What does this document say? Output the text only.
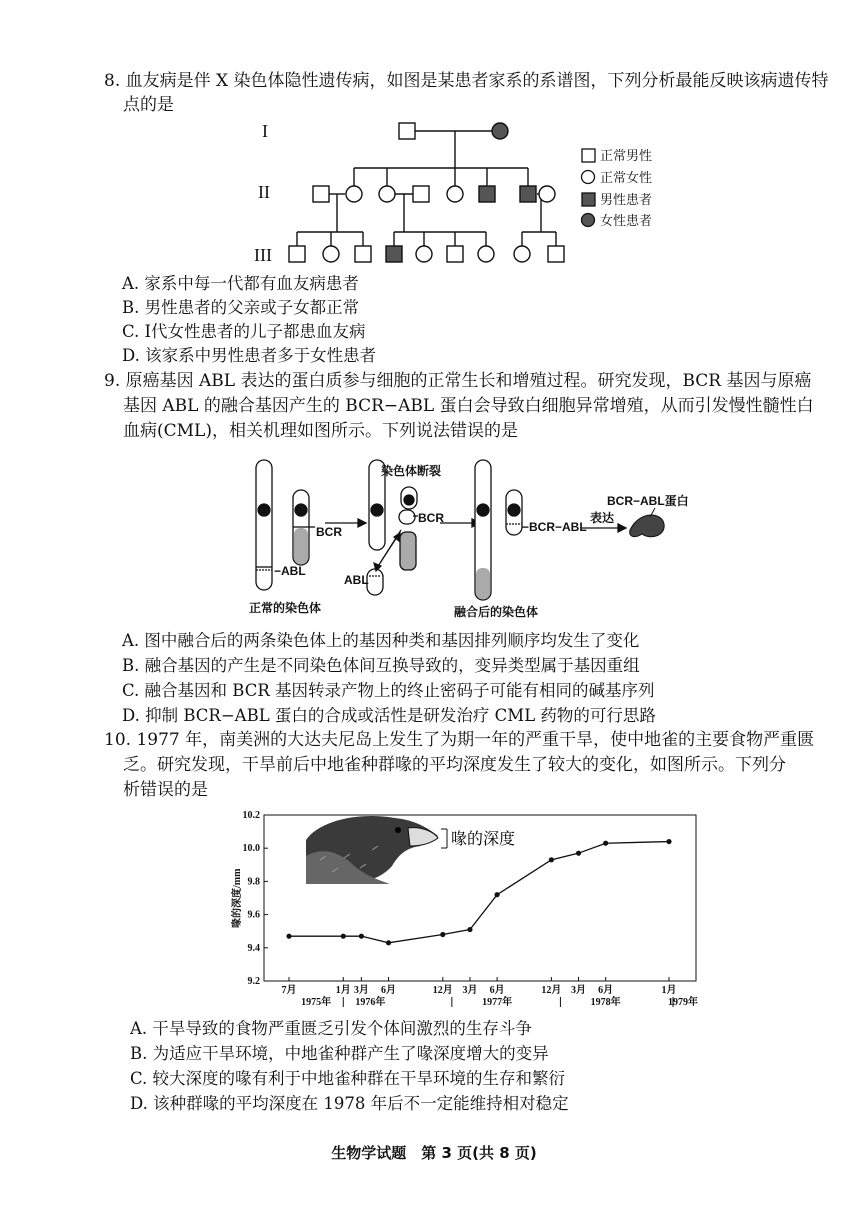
8. 血友病是伴 X 染色体隐性遗传病，如图是某患者家系的系谱图，下列分析最能反映该病遗传特
点的是
I
II
III
正常男性
正常女性
男性患者
女性患者
A. 家系中每一代都有血友病患者
B. 男性患者的父亲或子女都正常
C. Ⅰ代女性患者的儿子都患血友病
D. 该家系中男性患者多于女性患者
9. 原癌基因 ABL 表达的蛋白质参与细胞的正常生长和增殖过程。研究发现，BCR 基因与原癌
基因 ABL 的融合基因产生的 BCR−ABL 蛋白会导致白细胞异常增殖，从而引发慢性髓性白
血病(CML)，相关机理如图所示。下列说法错误的是
BCR
−ABL
BCR
染色体断裂
ABL
−BCR−ABL
表达
BCR−ABL蛋白
正常的染色体	融合后的染色体
A. 图中融合后的两条染色体上的基因种类和基因排列顺序均发生了变化
B. 融合基因的产生是不同染色体间互换导致的，变异类型属于基因重组
C. 融合基因和 BCR 基因转录产物上的终止密码子可能有相同的碱基序列
D. 抑制 BCR−ABL 蛋白的合成或活性是研发治疗 CML 药物的可行思路
10. 1977 年，南美洲的大达夫尼岛上发生了为期一年的严重干旱，使中地雀的主要食物严重匮
乏。研究发现，干旱前后中地雀种群喙的平均深度发生了较大的变化，如图所示。下列分
析错误的是
喙的深度/mm
喙的深度
9.2
9.4
9.6
9.8
10.0
10.2
7月	1月 3月 6月	12月 3月 6月	12月 3月 6月	1月
1975年 1976年	1977年	1978年	1979年
A. 干旱导致的食物严重匮乏引发个体间激烈的生存斗争
B. 为适应干旱环境，中地雀种群产生了喙深度增大的变异
C. 较大深度的喙有利于中地雀种群在干旱环境的生存和繁衍
D. 该种群喙的平均深度在 1978 年后不一定能维持相对稳定
生物学试题　第 3 页(共 8 页)
